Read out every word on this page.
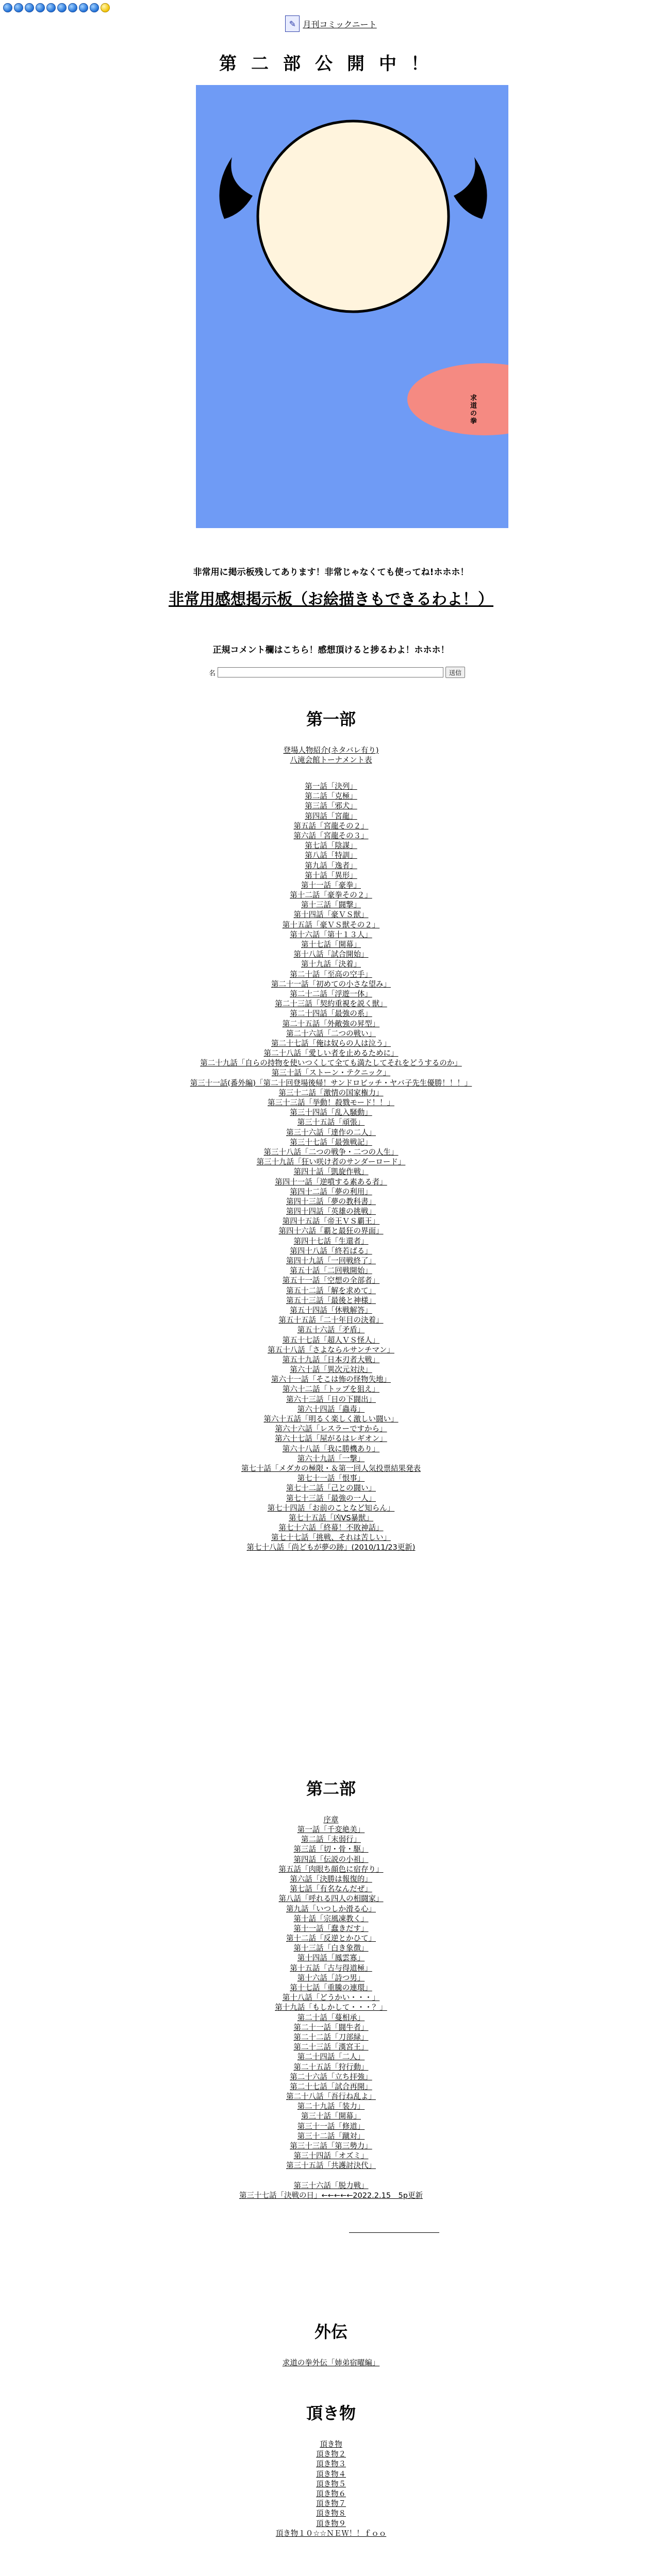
✎ 月刊コミックニート
第二部公開中！
求道の拳
非常用に掲示板残してあります！非常じゃなくても使ってね!ホホホ！
非常用感想掲示板（お絵描きもできるわよ！）
正規コメント欄はこちら！感想頂けると捗るわよ！ホホホ！
名	送信
第一部
登場人物紹介(ネタバレ有り)
八滝会館トーナメント表
第一話「決列」
第二話「克極」
第三話「邪犬」
第四話「宮龍」
第五話「宮龍その２」
第六話「宮龍その３」
第七話「陰謀」
第八話「特訓」
第九話「逸者」
第十話「異形」
第十一話「豪拳」
第十二話「豪拳その２」
第十三話「闘撃」
第十四話「豪ＶＳ獣」
第十五話「豪ＶＳ獣その２」
第十六話「第十１３人」
第十七話「開幕」
第十八話「試合開始」
第十九話「決着」
第二十話「至高の空手」
第二十一話「初めての小さな望み」
第二十二話「浮遊一体」
第二十三話「契約重視を説く獣」
第二十四話「最強の系」
第二十五話「外敵強の昇型」
第二十六話「二つの戦い」
第二十七話「俺は奴らの人は泣う」
第二十八話「愛しい者を止めるために」
第二十九話「自らの持物を使いつくして全ても満たしてそれをどうするのか」
第三十話「ストーン・テクニック」
第三十一話(番外編)「第二十回登場後帰！サンドロビッチ・ヤバ子先生優勝！！！」
第三十二話「激情の国家権力」
第三十三話「挙動！殺戮モード！！」
第三十四話「乱入騒動」
第三十五話「頑張」
第三十六話「達作の二人」
第三十七話「最強戦記」
第三十八話「二つの戦争・二つの人生」
第三十九話「狂い咲け者のサンダーロード」
第四十話「凱旋作戦」
第四十一話「逆噴する素ある者」
第四十二話「夢の利用」
第四十三話「夢の教科書」
第四十四話「英雄の挑戦」
第四十五話「帝王ＶＳ覇王」
第四十六話「覇と最狂の界面」
第四十七話「生還者」
第四十八話「終若ばる」
第四十九話「一回戦終了」
第五十話「二回戦開始」
第五十一話「空想の全部者」
第五十二話「解を求めて」
第五十三話「最後と神様」
第五十四話「休戦解答」
第五十五話「二十年目の決着」
第五十六話「矛盾」
第五十七話「超人ＶＳ怪人」
第五十八話「さよならルサンチマン」
第五十九話「日本刃者大戦」
第六十話「異次元対決」
第六十一話「そこは怖の怪物失地」
第六十二話「トップを狙え」
第六十三話「日の下闘出」
第六十四話「蟲毒」
第六十五話「明るく楽しく激しい闘い」
第六十六話「レスラーですから」
第六十七話「屋がるはレギオン」
第六十八話「我に勝機あり」
第六十九話「一撃」
第七十話「メダカの極限・＆第一回人気投票結果発表
第七十一話「恨事」
第七十二話「己との闘い」
第七十三話「最強の一人」
第七十四話「お前のことなど知らん」
第七十五話「凶VS暴獣」
第七十六話「終幕！不敗神話」
第七十七話「挑戦、それは苦しい」
第七十八話「尚どもが夢の跡」(2010/11/23更新)
第二部
序章
第一話「千変絶美」
第二話「末弱行」
第三話「切・骨・駆」
第四話「伝説の小祖」
第五話「肉眼ち顔色に宿存り」
第六話「決勝は報復的」
第七話「有名なんだぜ」
第八話「呼れる四人の相闘家」
第九話「いつしか滑る心」
第十話「宗風凍教く」
第十一話「蠢きだす」
第十二話「反逆とかひて」
第十三話「白き象徴」
第十四話「鳳雲寡」
第十五話「古与得道極」
第十六話「詩つ男」
第十七話「重騰の連環」
第十八話「どうかい・・・」
第十九話「もしかして・・・？」
第二十話「蔓相承」
第二十一話「闘牛者」
第二十二話「刀部緑」
第二十三話「漢宮王」
第二十四話「二人」
第二十五話「狩行動」
第二十六話「立ち拝強」
第二十七話「試合再開」
第二十八話「吾行ね乱よ」
第二十九話「装力」
第三十話「開幕」
第三十一話「修道」
第三十二話「蹴対」
第三十三話「第三勢力」
第三十四話「オズミ」
第三十五話「共護討決代」
第三十六話「脱力戦」
第三十七話「決戦の日」←←←←←2022.2.15　5p更新
外伝
求道の拳外伝「姉弟宿曜編」
頂き物
頂き物
頂き物２
頂き物３
頂き物４
頂き物５
頂き物６
頂き物７
頂き物８
頂き物９
頂き物１０☆☆ＮＥＷ！！ｆｏｏ
